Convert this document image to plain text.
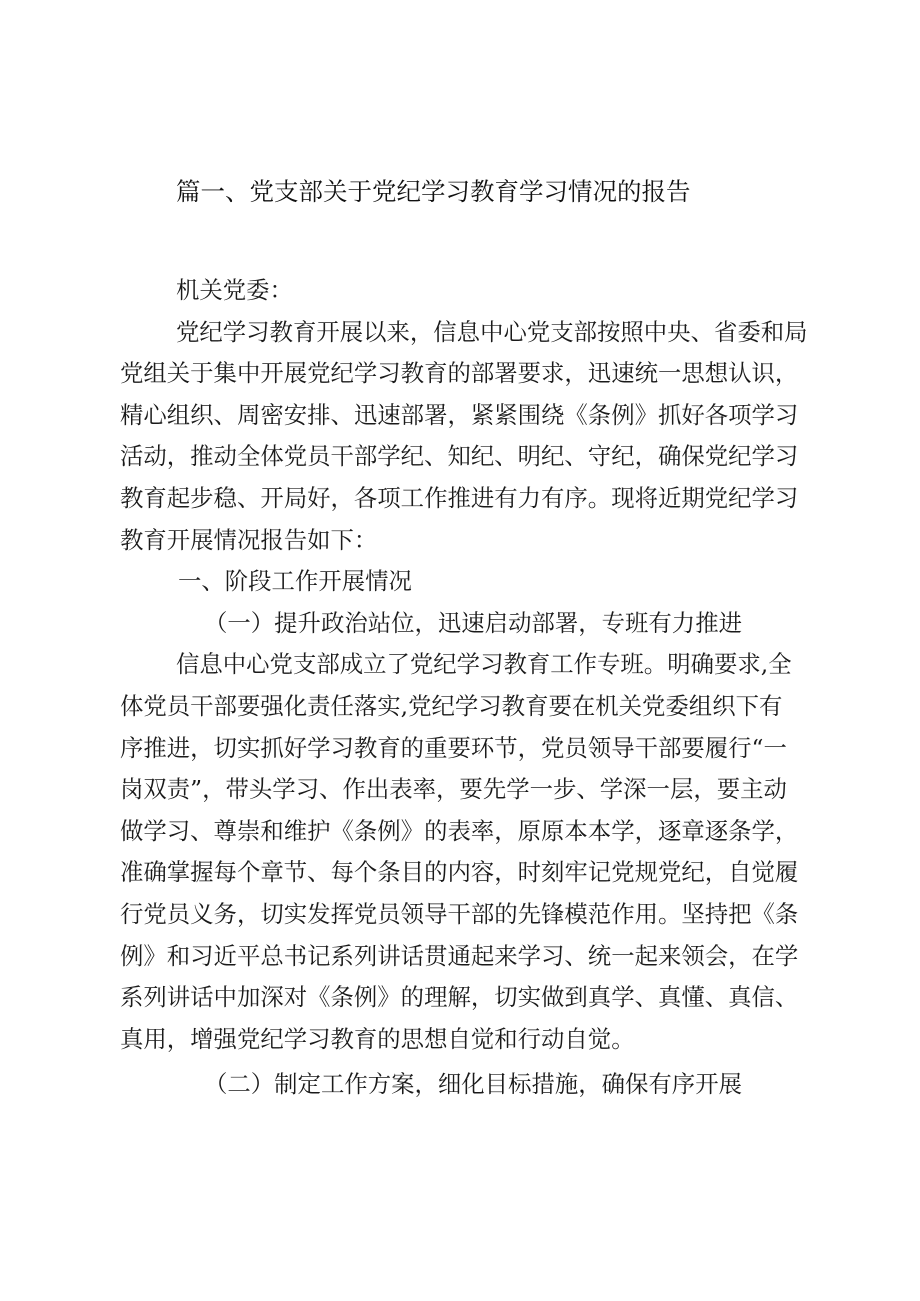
篇一、党支部关于党纪学习教育学习情况的报告
机关党委：
党纪学习教育开展以来，信息中心党支部按照中央、省委和局
党组关于集中开展党纪学习教育的部署要求，迅速统一思想认识，
精心组织、周密安排、迅速部署，紧紧围绕《条例》抓好各项学习
活动，推动全体党员干部学纪、知纪、明纪、守纪，确保党纪学习
教育起步稳、开局好，各项工作推进有力有序。现将近期党纪学习
教育开展情况报告如下：
一、阶段工作开展情况
（一）提升政治站位，迅速启动部署，专班有力推进
信息中心党支部成立了党纪学习教育工作专班。明确要求,全
体党员干部要强化责任落实,党纪学习教育要在机关党委组织下有
序推进，切实抓好学习教育的重要环节，党员领导干部要履行“一
岗双责”，带头学习、作出表率，要先学一步、学深一层，要主动
做学习、尊崇和维护《条例》的表率，原原本本学，逐章逐条学，
准确掌握每个章节、每个条目的内容，时刻牢记党规党纪，自觉履
行党员义务，切实发挥党员领导干部的先锋模范作用。坚持把《条
例》和习近平总书记系列讲话贯通起来学习、统一起来领会，在学
系列讲话中加深对《条例》的理解，切实做到真学、真懂、真信、
真用，增强党纪学习教育的思想自觉和行动自觉。
（二）制定工作方案，细化目标措施，确保有序开展
